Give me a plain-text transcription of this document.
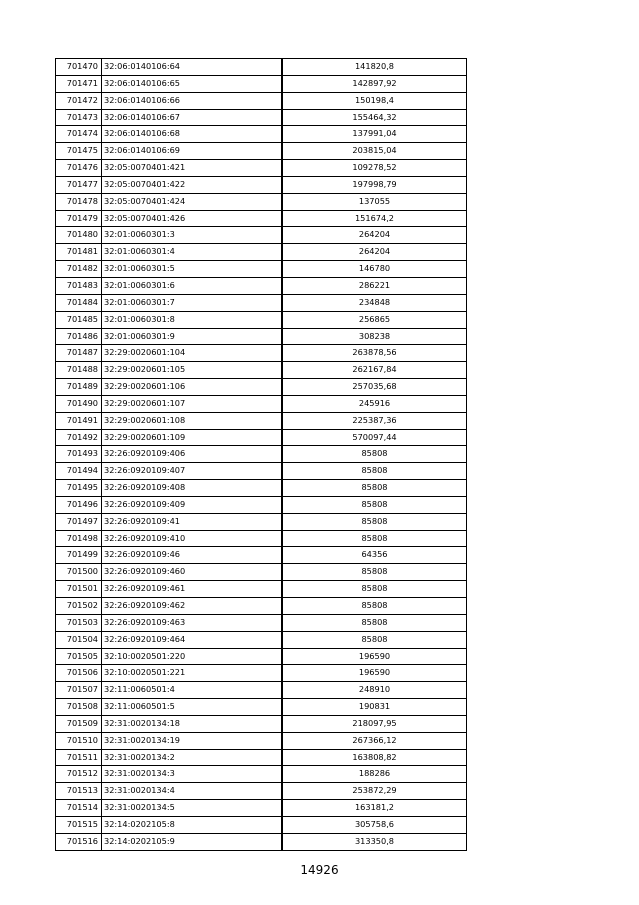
701470	32:06:0140106:64	141820,8
701471	32:06:0140106:65	142897,92
701472	32:06:0140106:66	150198,4
701473	32:06:0140106:67	155464,32
701474	32:06:0140106:68	137991,04
701475	32:06:0140106:69	203815,04
701476	32:05:0070401:421	109278,52
701477	32:05:0070401:422	197998,79
701478	32:05:0070401:424	137055
701479	32:05:0070401:426	151674,2
701480	32:01:0060301:3	264204
701481	32:01:0060301:4	264204
701482	32:01:0060301:5	146780
701483	32:01:0060301:6	286221
701484	32:01:0060301:7	234848
701485	32:01:0060301:8	256865
701486	32:01:0060301:9	308238
701487	32:29:0020601:104	263878,56
701488	32:29:0020601:105	262167,84
701489	32:29:0020601:106	257035,68
701490	32:29:0020601:107	245916
701491	32:29:0020601:108	225387,36
701492	32:29:0020601:109	570097,44
701493	32:26:0920109:406	85808
701494	32:26:0920109:407	85808
701495	32:26:0920109:408	85808
701496	32:26:0920109:409	85808
701497	32:26:0920109:41	85808
701498	32:26:0920109:410	85808
701499	32:26:0920109:46	64356
701500	32:26:0920109:460	85808
701501	32:26:0920109:461	85808
701502	32:26:0920109:462	85808
701503	32:26:0920109:463	85808
701504	32:26:0920109:464	85808
701505	32:10:0020501:220	196590
701506	32:10:0020501:221	196590
701507	32:11:0060501:4	248910
701508	32:11:0060501:5	190831
701509	32:31:0020134:18	218097,95
701510	32:31:0020134:19	267366,12
701511	32:31:0020134:2	163808,82
701512	32:31:0020134:3	188286
701513	32:31:0020134:4	253872,29
701514	32:31:0020134:5	163181,2
701515	32:14:0202105:8	305758,6
701516	32:14:0202105:9	313350,8
14926
